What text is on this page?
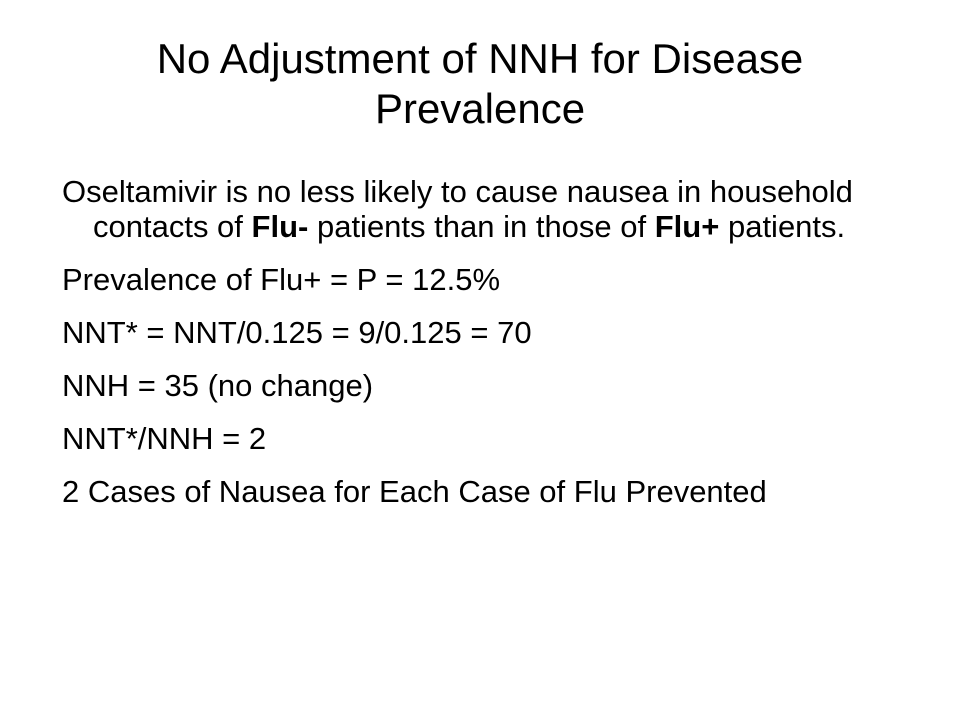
No Adjustment of NNH for Disease
Prevalence
Oseltamivir is no less likely to cause nausea in household contacts of Flu- patients than in those of Flu+ patients.
Prevalence of Flu+ = P = 12.5%
NNT* = NNT/0.125 = 9/0.125 = 70
NNH = 35 (no change)
NNT*/NNH = 2
2 Cases of Nausea for Each Case of Flu Prevented
